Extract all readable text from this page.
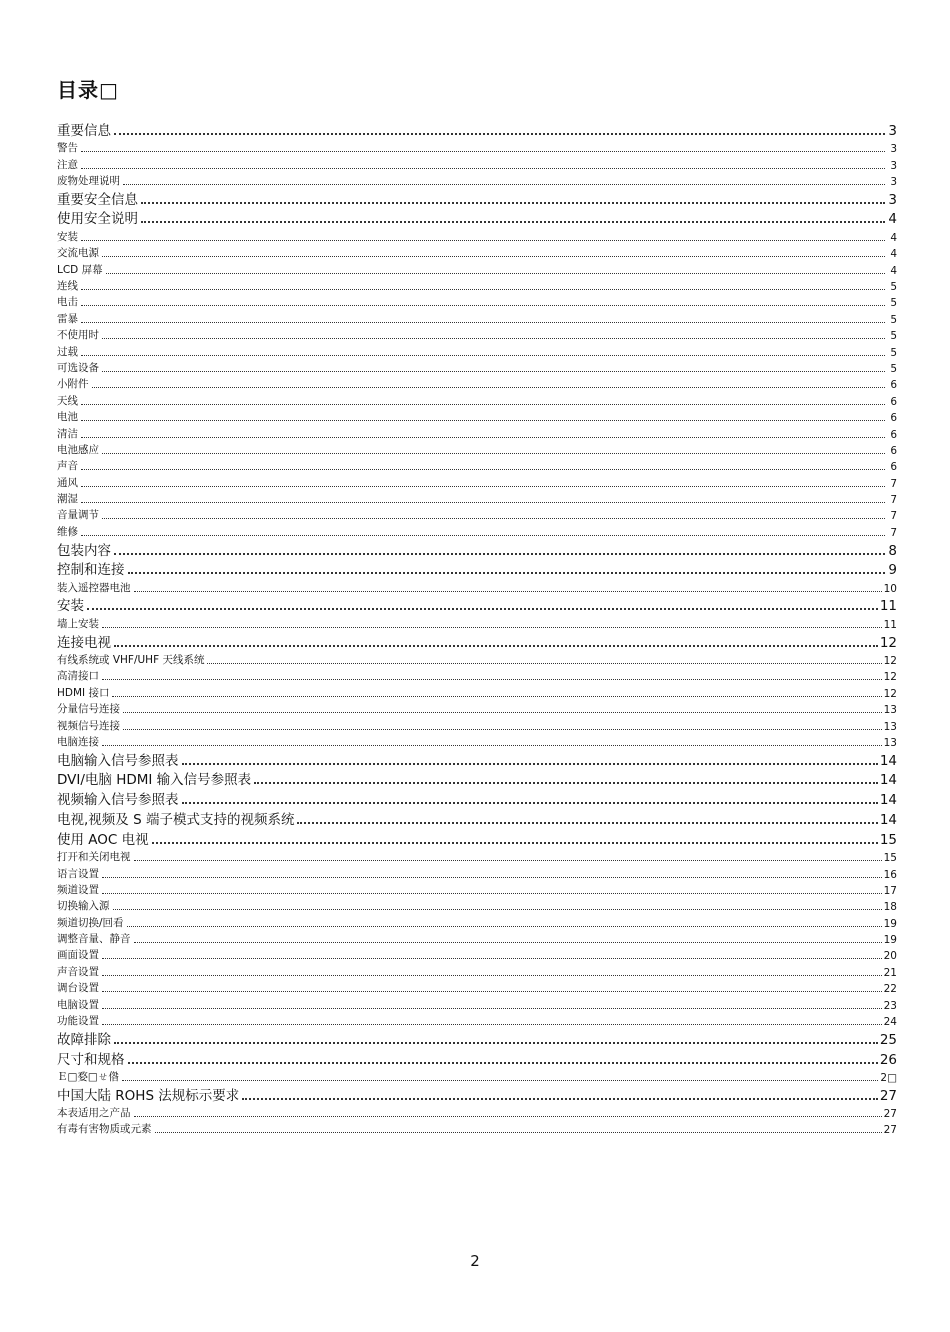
目录□
重要信息	3
警告	3
注意	3
废物处理说明	3
重要安全信息	3
使用安全说明	4
安装	4
交流电源	4
LCD 屏幕	4
连线	5
电击	5
雷暴	5
不使用时	5
过载	5
可选设备	5
小附件	6
天线	6
电池	6
清洁	6
电池感应	6
声音	6
通风	7
潮湿	7
音量调节	7
维修	7
包装内容	8
控制和连接	9
装入遥控器电池	10
安装	11
墙上安装	11
连接电视	12
有线系统或 VHF/UHF 天线系统	12
高清接口	12
HDMI 接口	12
分量信号连接	13
视频信号连接	13
电脑连接	13
电脑输入信号参照表	14
DVI/电脑 HDMI 输入信号参照表	14
视频输入信号参照表	14
电视,视频及 S 端子模式支持的视频系统	14
使用 AOC 电视	15
打开和关闭电视	15
语言设置	16
频道设置	17
切换输入源	18
频道切换/回看	19
调整音量、静音	19
画面设置	20
声音设置	21
调台设置	22
电脑设置	23
功能设置	24
故障排除	25
尺寸和规格	26
Ｅ□婺□ㄝ偺	2□
中国大陆 ROHS 法规标示要求	27
本表适用之产品	27
有毒有害物质或元素	27
2
